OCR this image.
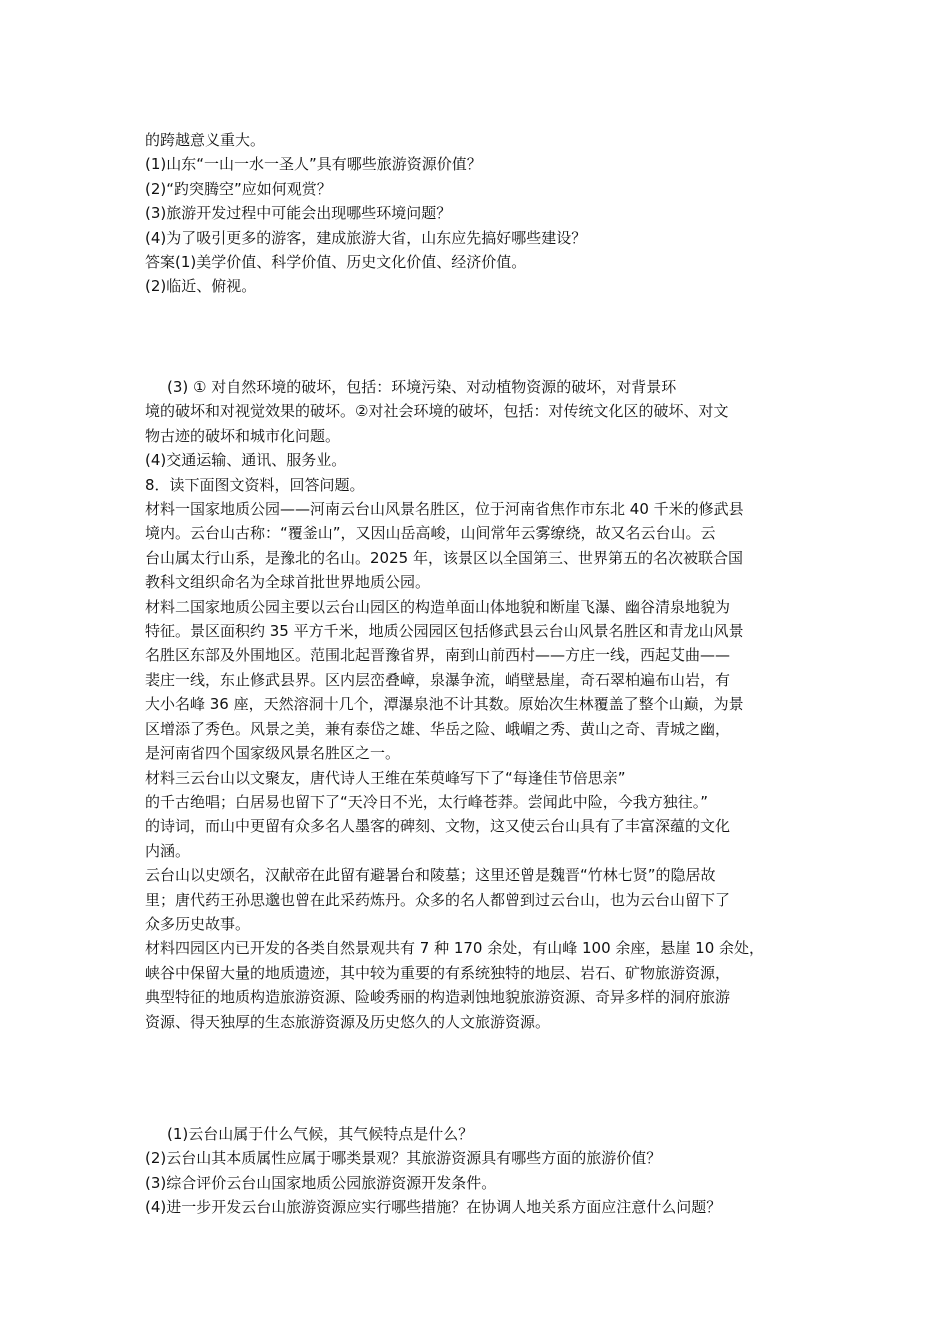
的跨越意义重大。
(1)山东“一山一水一圣人”具有哪些旅游资源价值？
(2)“趵突腾空”应如何观赏？
(3)旅游开发过程中可能会出现哪些环境问题？
(4)为了吸引更多的游客，建成旅游大省，山东应先搞好哪些建设？
答案(1)美学价值、科学价值、历史文化价值、经济价值。
(2)临近、俯视。
(3) ① 对自然环境的破坏，包括：环境污染、对动植物资源的破坏，对背景环
境的破坏和对视觉效果的破坏。②对社会环境的破坏，包括：对传统文化区的破坏、对文
物古迹的破坏和城市化问题。
(4)交通运输、通讯、服务业。
8．读下面图文资料，回答问题。
材料一国家地质公园——河南云台山风景名胜区，位于河南省焦作市东北 40 千米的修武县
境内。云台山古称：“覆釜山”，又因山岳高峻，山间常年云雾缭绕，故又名云台山。云
台山属太行山系，是豫北的名山。2025 年，该景区以全国第三、世界第五的名次被联合国
教科文组织命名为全球首批世界地质公园。
材料二国家地质公园主要以云台山园区的构造单面山体地貌和断崖飞瀑、幽谷清泉地貌为
特征。景区面积约 35 平方千米，地质公园园区包括修武县云台山风景名胜区和青龙山风景
名胜区东部及外围地区。范围北起晋豫省界，南到山前西村——方庄一线，西起艾曲——
裴庄一线，东止修武县界。区内层峦叠嶂，泉瀑争流，峭壁悬崖，奇石翠柏遍布山岩，有
大小名峰 36 座，天然溶洞十几个，潭瀑泉池不计其数。原始次生林覆盖了整个山巅，为景
区增添了秀色。风景之美，兼有泰岱之雄、华岳之险、峨嵋之秀、黄山之奇、青城之幽，
是河南省四个国家级风景名胜区之一。
材料三云台山以文聚友，唐代诗人王维在茱萸峰写下了“每逢佳节倍思亲”
的千古绝唱；白居易也留下了“天冷日不光，太行峰苍莽。尝闻此中险，今我方独往。”
的诗词，而山中更留有众多名人墨客的碑刻、文物，这又使云台山具有了丰富深蕴的文化
内涵。
云台山以史颂名，汉献帝在此留有避暑台和陵墓；这里还曾是魏晋“竹林七贤”的隐居故
里；唐代药王孙思邈也曾在此采药炼丹。众多的名人都曾到过云台山，也为云台山留下了
众多历史故事。
材料四园区内已开发的各类自然景观共有 7 种 170 余处，有山峰 100 余座，悬崖 10 余处，
峡谷中保留大量的地质遗迹，其中较为重要的有系统独特的地层、岩石、矿物旅游资源，
典型特征的地质构造旅游资源、险峻秀丽的构造剥蚀地貌旅游资源、奇异多样的洞府旅游
资源、得天独厚的生态旅游资源及历史悠久的人文旅游资源。
(1)云台山属于什么气候，其气候特点是什么？
(2)云台山其本质属性应属于哪类景观？其旅游资源具有哪些方面的旅游价值？
(3)综合评价云台山国家地质公园旅游资源开发条件。
(4)进一步开发云台山旅游资源应实行哪些措施？在协调人地关系方面应注意什么问题？
